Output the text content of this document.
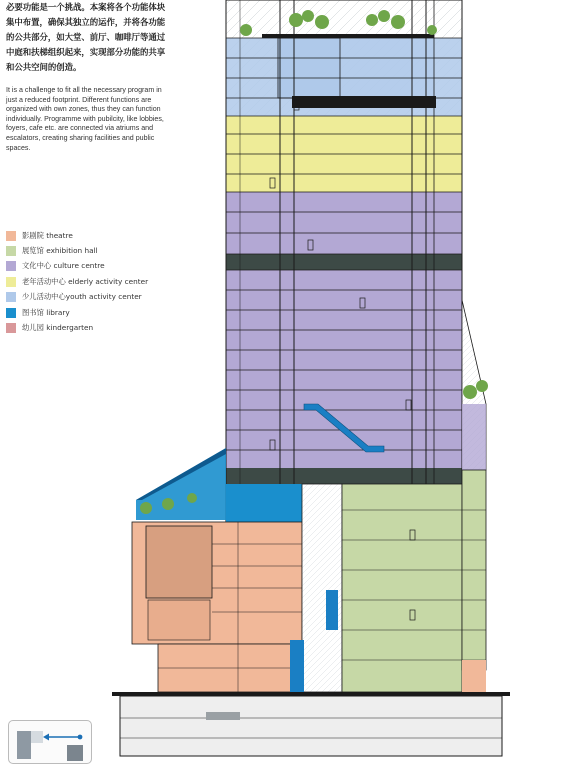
必要功能是一个挑战。本案将各个功能体块集中布置，确保其独立的运作，并将各功能的公共部分，如大堂、前厅、咖啡厅等通过中庭和扶梯组织起来，实现部分功能的共享和公共空间的创造。

It is a challenge to fit all the necessary program in just a reduced footprint. Different functions are organized with own zones, thus they can function individually. Programme with pubilcity, like lobbies, foyers, cafe etc. are connected via atriums and escalators, creating sharing facilities and public spaces.

影剧院 theatre
展览馆 exhibition hall
文化中心 culture centre
老年活动中心 elderly activity center
少儿活动中心youth activity center
图书馆 library
幼儿园 kindergarten
